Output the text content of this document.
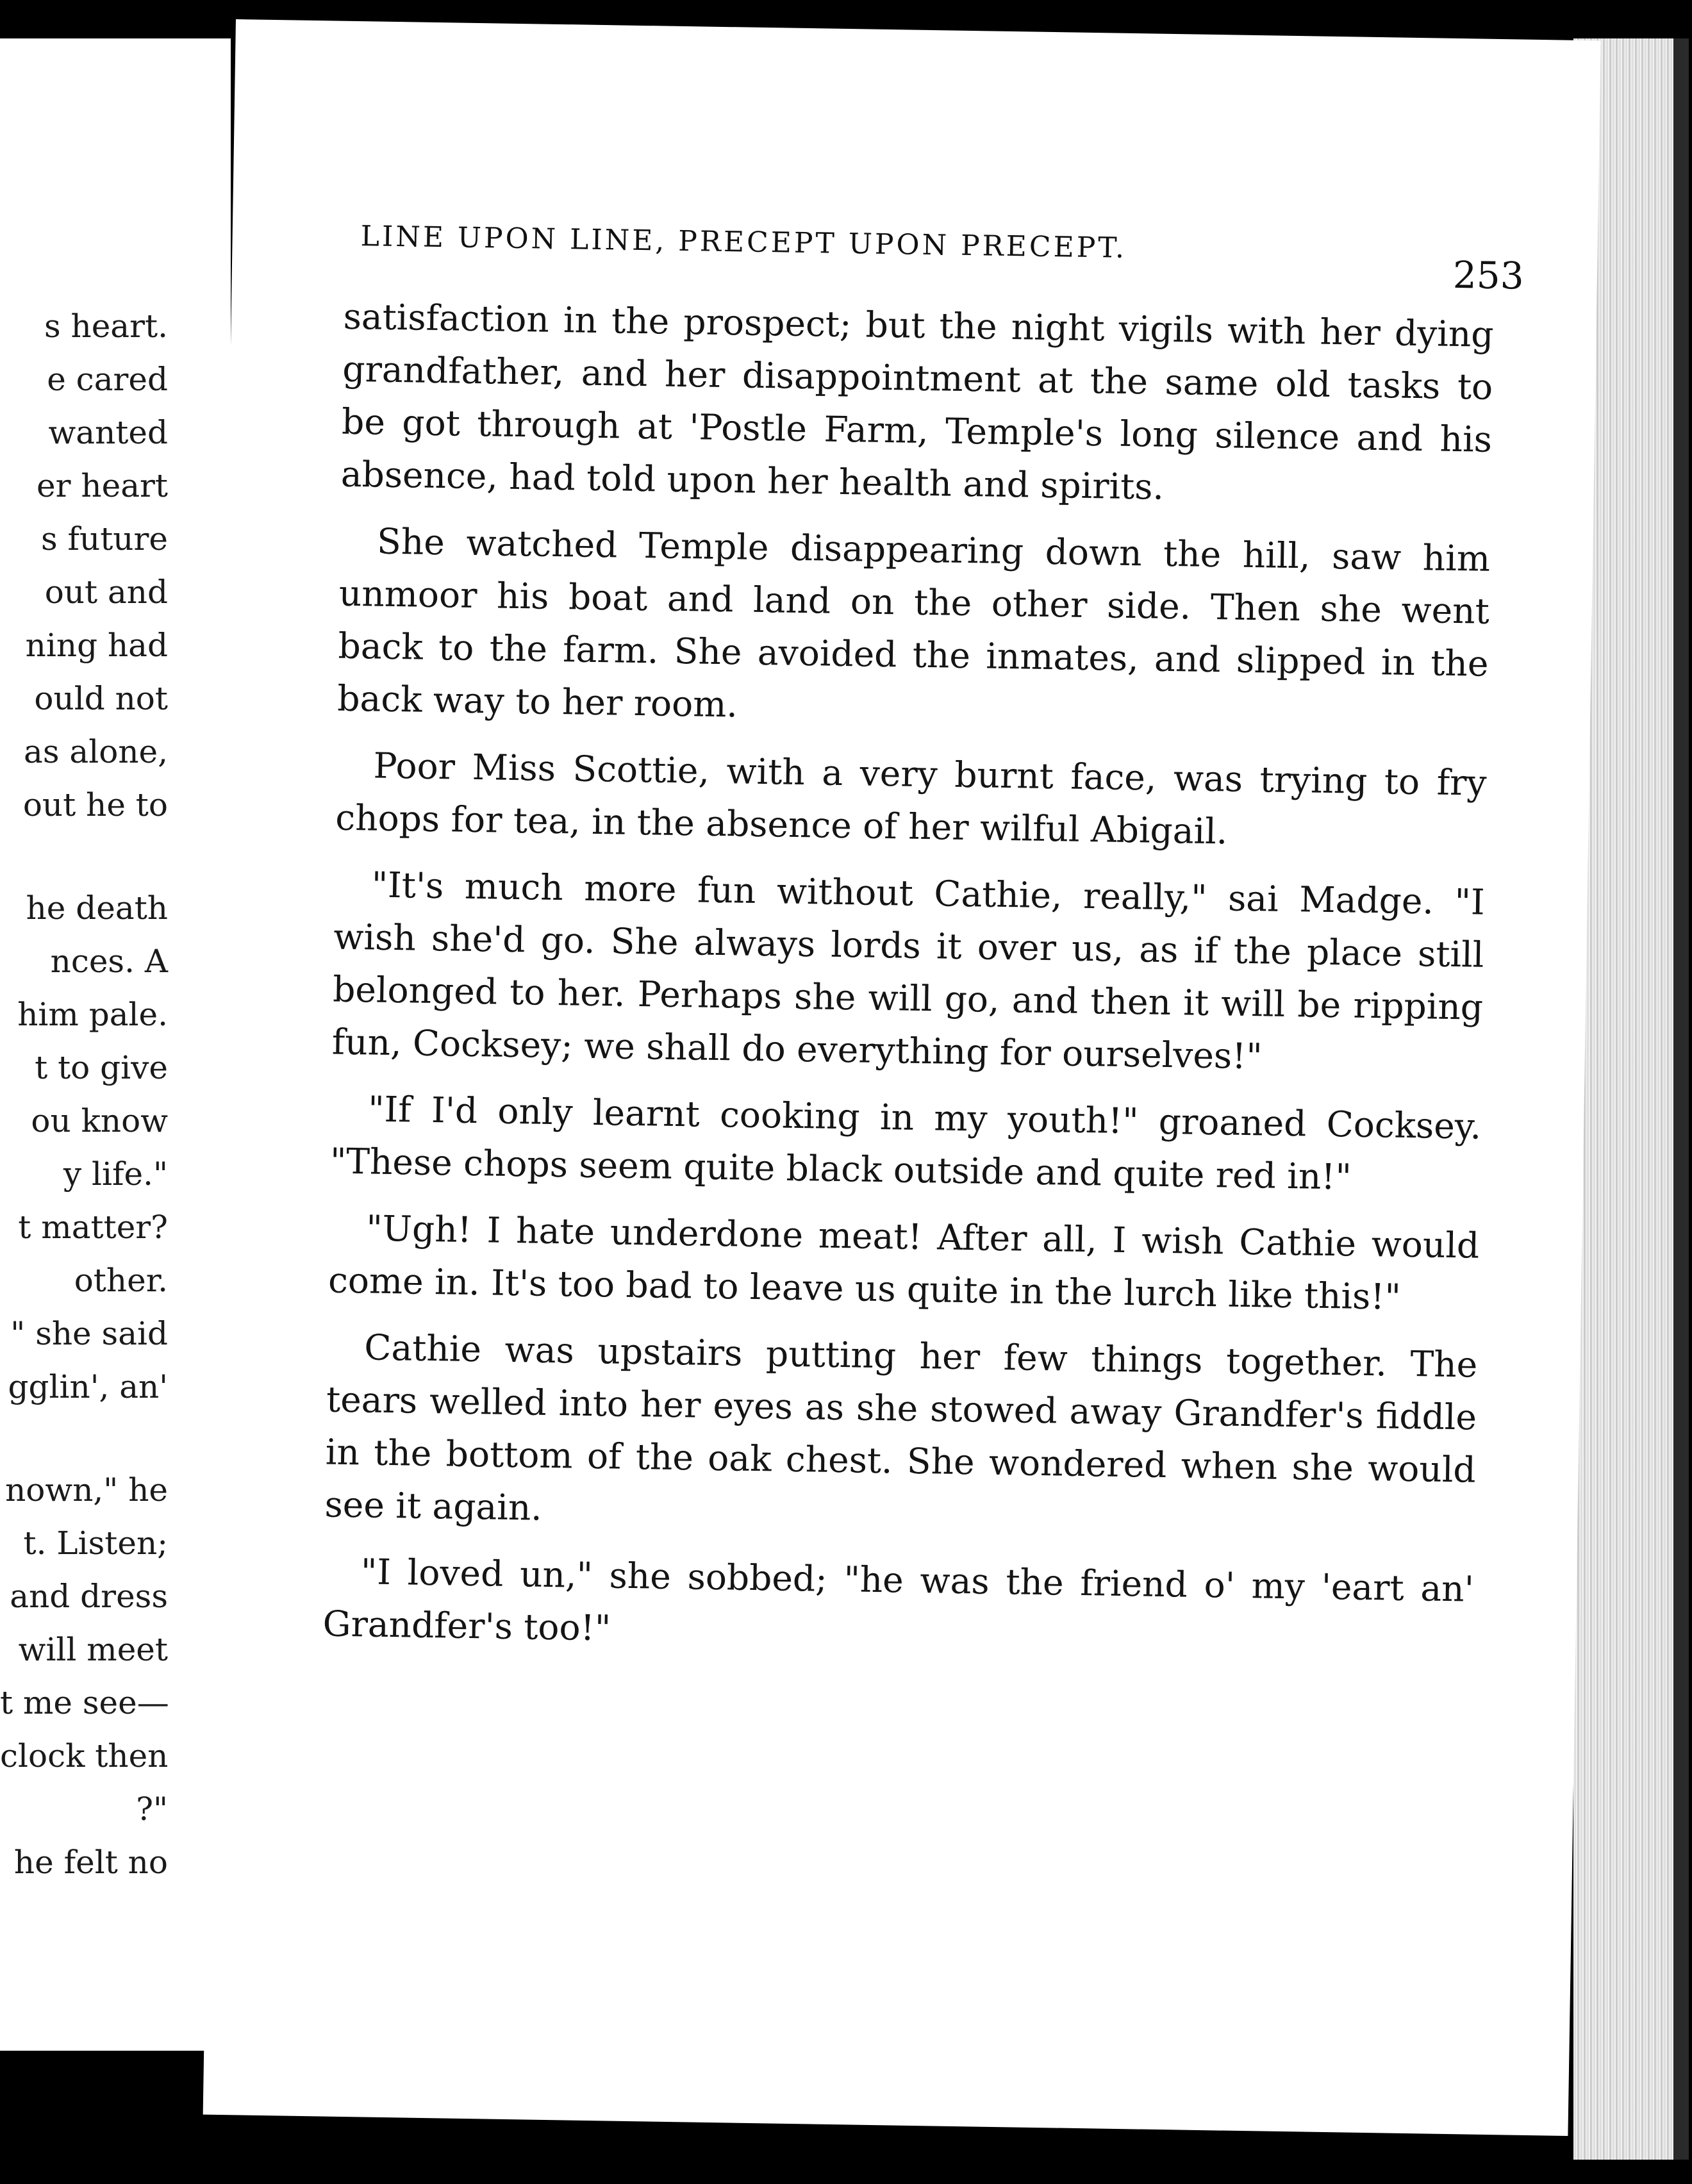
s heart.
e cared
wanted
er heart
s future
out and
ning had
ould not
as alone,
out he to
he death
nces. A
him pale.
t to give
ou know
y life."
t matter?
other.
" she said
gglin', an'
nown," he
t. Listen;
and dress
will meet
t me see—
clock then
?"
he felt no
LINE UPON LINE, PRECEPT UPON PRECEPT.
253

satisfaction in the prospect; but the night vigils with her dying grandfather, and her disappointment at the same old tasks to be got through at 'Postle Farm, Temple's long silence and his absence, had told upon her health and spirits.

She watched Temple disappearing down the hill, saw him unmoor his boat and land on the other side. Then she went back to the farm. She avoided the inmates, and slipped in the back way to her room.

Poor Miss Scottie, with a very burnt face, was trying to fry chops for tea, in the absence of her wilful Abigail.

"It's much more fun without Cathie, really," sai Madge. "I wish she'd go. She always lords it over us, as if the place still belonged to her. Perhaps she will go, and then it will be ripping fun, Cocksey; we shall do everything for ourselves!"

"If I'd only learnt cooking in my youth!" groaned Cocksey. "These chops seem quite black outside and quite red in!"

"Ugh! I hate underdone meat! After all, I wish Cathie would come in. It's too bad to leave us quite in the lurch like this!"

Cathie was upstairs putting her few things together. The tears welled into her eyes as she stowed away Grandfer's fiddle in the bottom of the oak chest. She wondered when she would see it again.

"I loved un," she sobbed; "he was the friend o' my 'eart an' Grandfer's too!"
